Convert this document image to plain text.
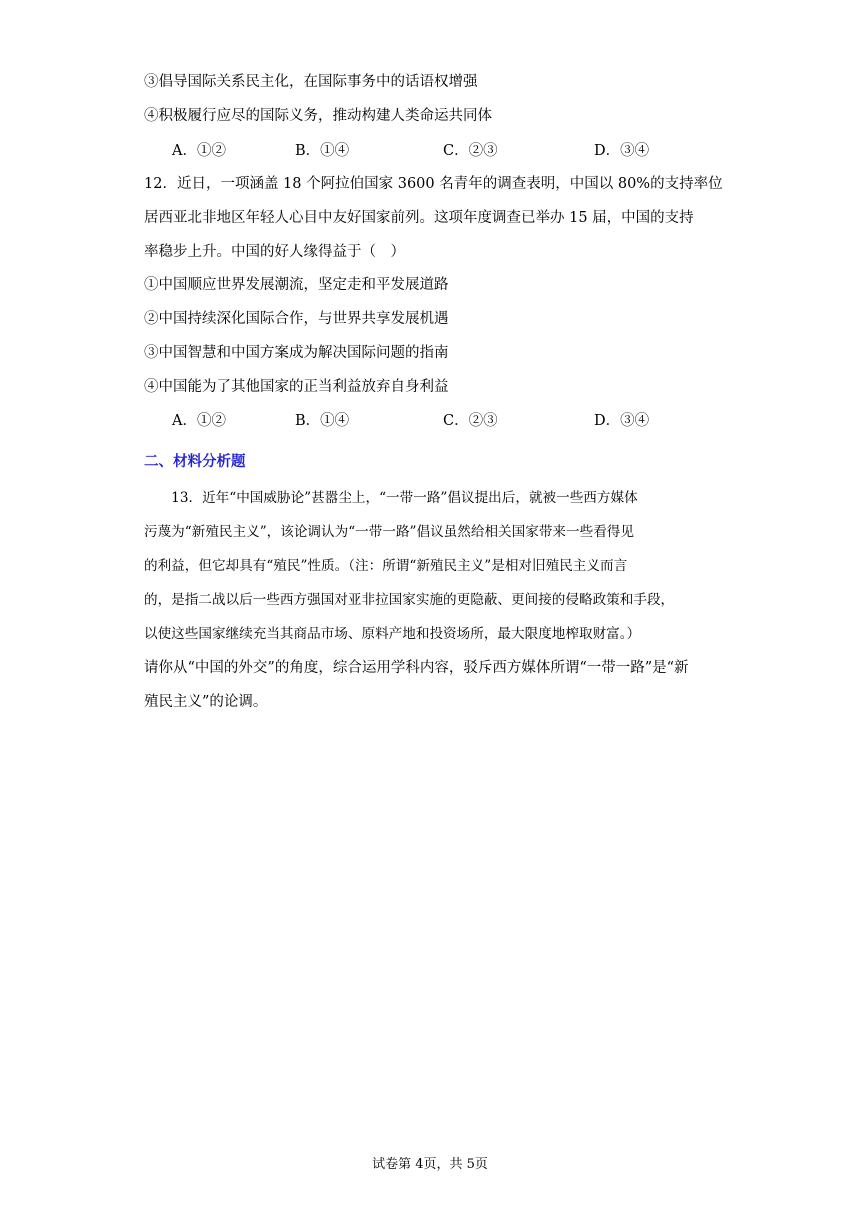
③倡导国际关系民主化，在国际事务中的话语权增强
④积极履行应尽的国际义务，推动构建人类命运共同体
A．①②	B．①④	C．②③	D．③④
12．近日，一项涵盖 18 个阿拉伯国家 3600 名青年的调查表明，中国以 80%的支持率位
居西亚北非地区年轻人心目中友好国家前列。这项年度调查已举办 15 届，中国的支持
率稳步上升。中国的好人缘得益于（　）
①中国顺应世界发展潮流，坚定走和平发展道路
②中国持续深化国际合作，与世界共享发展机遇
③中国智慧和中国方案成为解决国际问题的指南
④中国能为了其他国家的正当利益放弃自身利益
A．①②	B．①④	C．②③	D．③④
二、材料分析题
　　13．近年“中国威胁论”甚嚣尘上，“一带一路”倡议提出后，就被一些西方媒体
污蔑为“新殖民主义”，该论调认为“一带一路”倡议虽然给相关国家带来一些看得见
的利益，但它却具有“殖民”性质。（注：所谓“新殖民主义”是相对旧殖民主义而言
的，是指二战以后一些西方强国对亚非拉国家实施的更隐蔽、更间接的侵略政策和手段，
以使这些国家继续充当其商品市场、原料产地和投资场所，最大限度地榨取财富。）
请你从“中国的外交”的角度，综合运用学科内容，驳斥西方媒体所谓“一带一路”是“新
殖民主义”的论调。
试卷第 4页，共 5页
